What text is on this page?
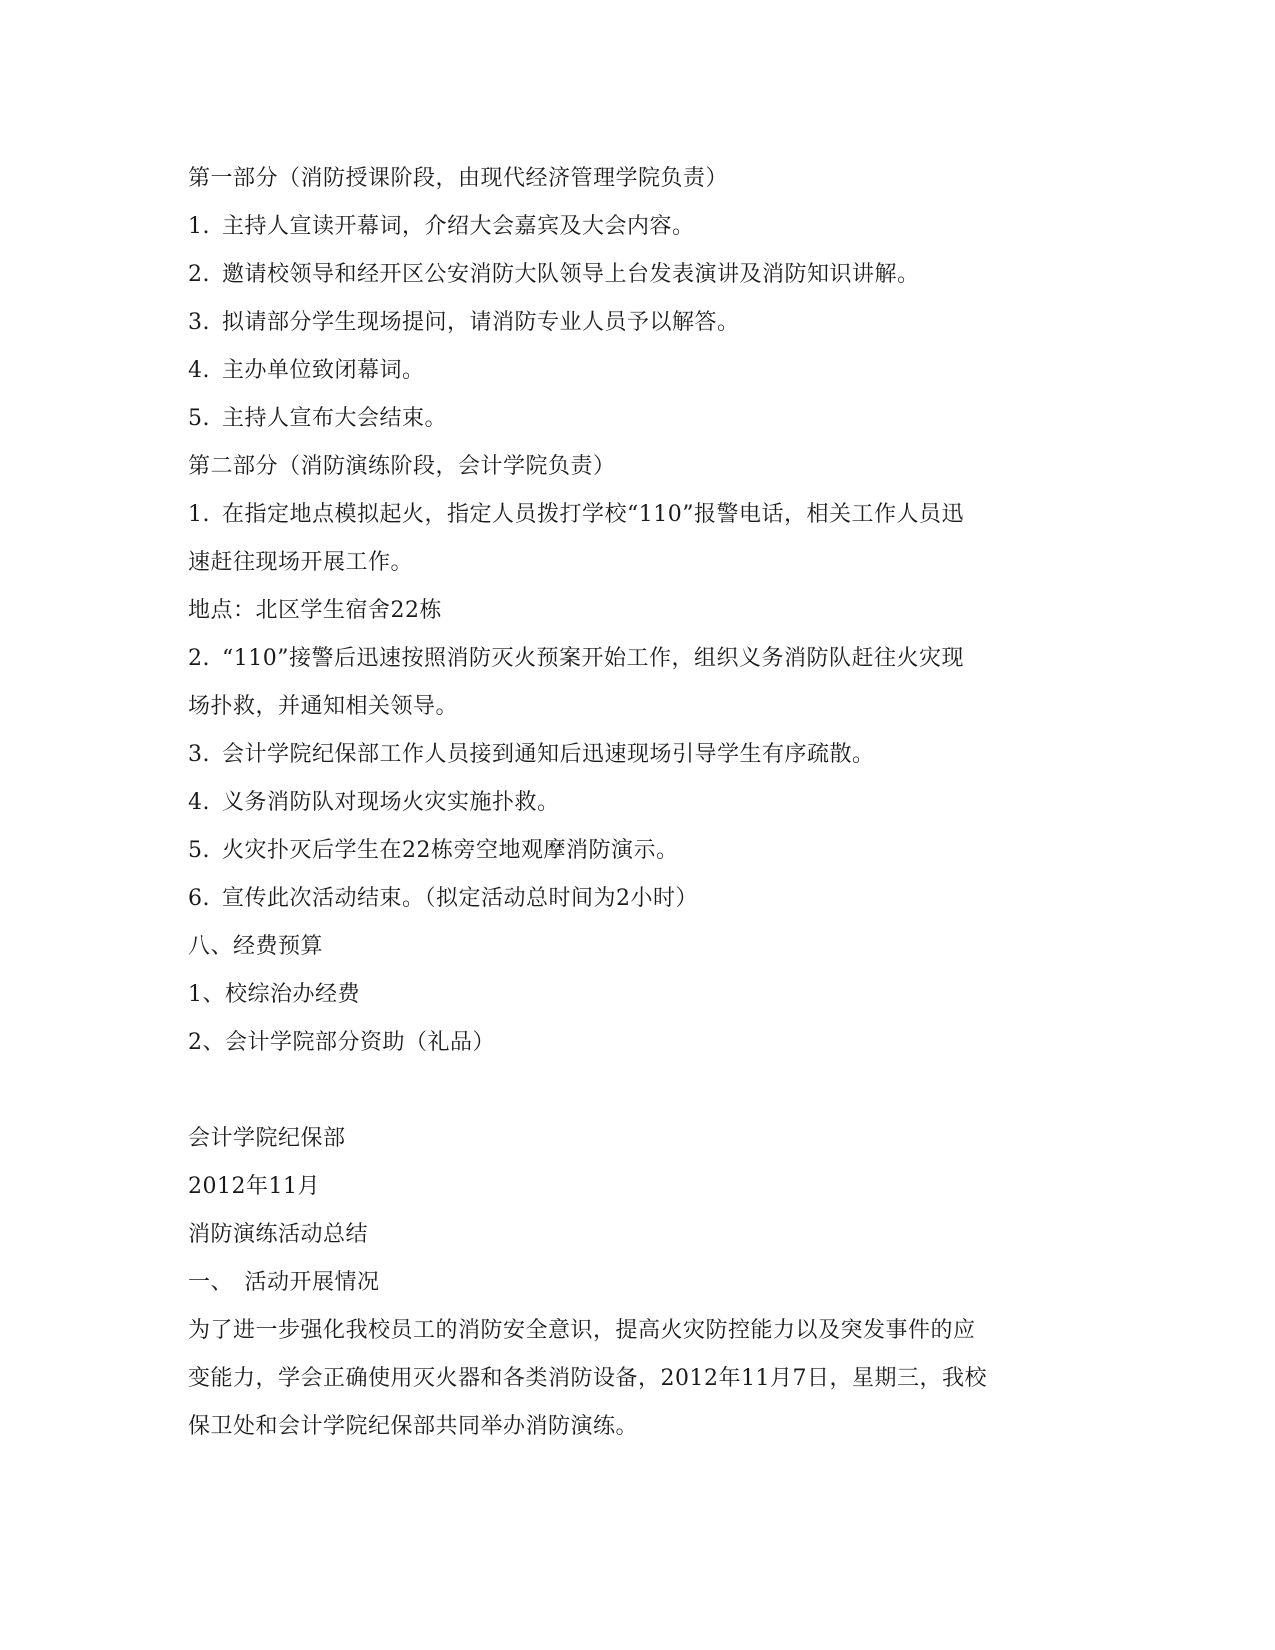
第一部分（消防授课阶段，由现代经济管理学院负责）
1. 主持人宣读开幕词，介绍大会嘉宾及大会内容。
2. 邀请校领导和经开区公安消防大队领导上台发表演讲及消防知识讲解。
3. 拟请部分学生现场提问，请消防专业人员予以解答。
4. 主办单位致闭幕词。
5. 主持人宣布大会结束。
第二部分（消防演练阶段，会计学院负责）
1. 在指定地点模拟起火，指定人员拨打学校“110”报警电话，相关工作人员迅
速赶往现场开展工作。
地点：北区学生宿舍22栋
2. “110”接警后迅速按照消防灭火预案开始工作，组织义务消防队赶往火灾现
场扑救，并通知相关领导。
3. 会计学院纪保部工作人员接到通知后迅速现场引导学生有序疏散。
4. 义务消防队对现场火灾实施扑救。
5. 火灾扑灭后学生在22栋旁空地观摩消防演示。
6. 宣传此次活动结束。（拟定活动总时间为2小时）
八、经费预算
1、校综治办经费
2、会计学院部分资助（礼品）
会计学院纪保部
2012年11月
消防演练活动总结
一、　活动开展情况
为了进一步强化我校员工的消防安全意识，提高火灾防控能力以及突发事件的应
变能力，学会正确使用灭火器和各类消防设备，2012年11月7日，星期三，我校
保卫处和会计学院纪保部共同举办消防演练。
